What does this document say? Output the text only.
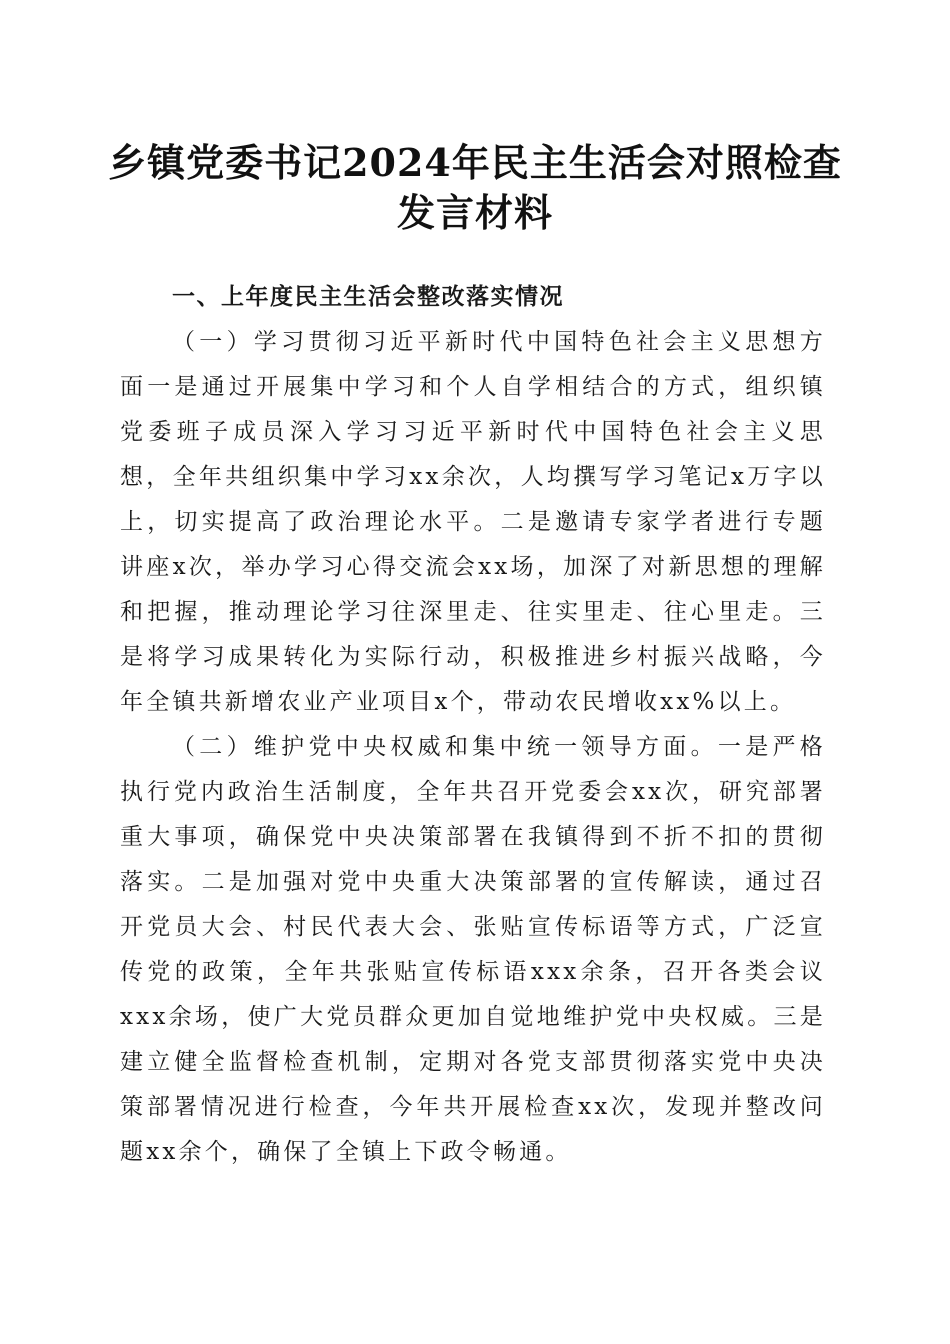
乡镇党委书记2024年民主生活会对照检查发言材料

一、上年度民主生活会整改落实情况

（一）学习贯彻习近平新时代中国特色社会主义思想方面一是通过开展集中学习和个人自学相结合的方式，组织镇党委班子成员深入学习习近平新时代中国特色社会主义思想，全年共组织集中学习xx余次，人均撰写学习笔记x万字以上，切实提高了政治理论水平。二是邀请专家学者进行专题讲座x次，举办学习心得交流会xx场，加深了对新思想的理解和把握，推动理论学习往深里走、往实里走、往心里走。三是将学习成果转化为实际行动，积极推进乡村振兴战略，今年全镇共新增农业产业项目x个，带动农民增收xx%以上。

（二）维护党中央权威和集中统一领导方面。一是严格执行党内政治生活制度，全年共召开党委会xx次，研究部署重大事项，确保党中央决策部署在我镇得到不折不扣的贯彻落实。二是加强对党中央重大决策部署的宣传解读，通过召开党员大会、村民代表大会、张贴宣传标语等方式，广泛宣传党的政策，全年共张贴宣传标语xxx余条，召开各类会议xxx余场，使广大党员群众更加自觉地维护党中央权威。三是建立健全监督检查机制，定期对各党支部贯彻落实党中央决策部署情况进行检查，今年共开展检查xx次，发现并整改问题xx余个，确保了全镇上下政令畅通。
